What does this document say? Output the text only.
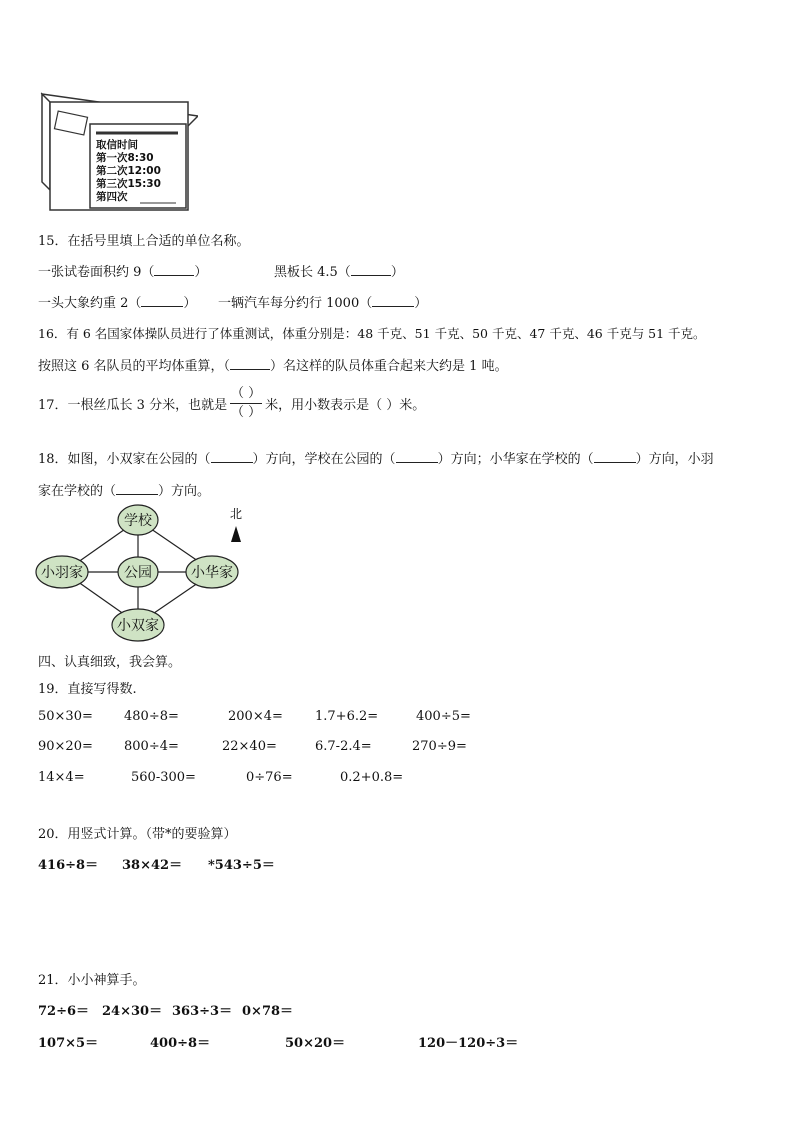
取信时间
第一次8:30
第二次12:00
第三次15:30
第四次
15．在括号里填上合适的单位名称。
一张试卷面积约 9（	）	黑板长 4.5（	）
一头大象约重 2（	） 一辆汽车每分约行 1000（	）
16．有 6 名国家体操队员进行了体重测试，体重分别是：48 千克、51 千克、50 千克、47 千克、46 千克与 51 千克。
按照这 6 名队员的平均体重算，（	）名这样的队员体重合起来大约是 1 吨。
17．一根丝瓜长 3 分米，也就是 $\frac{( )}{( )}$ 米，用小数表示是（ ）米。
18．如图，小双家在公园的（	）方向，学校在公园的（	）方向；小华家在学校的（	）方向，小羽
家在学校的（	）方向。
学校
公园
小羽家	小华家
小双家
北
四、认真细致，我会算。
19．直接写得数.
50×30= 480÷8=	200×4= 1.7+6.2=	400÷5=
90×20= 800÷4=	22×40=	6.7-2.4=	270÷9=
14×4=	560-300=	0÷76=	0.2+0.8=
20．用竖式计算。（带*的要验算）
416÷8＝ 38×42＝ *543÷5＝
21．小小神算手。
72÷6＝ 24×30＝ 363÷3＝ 0×78＝
107×5＝	400÷8＝	50×20＝	120－120÷3＝
